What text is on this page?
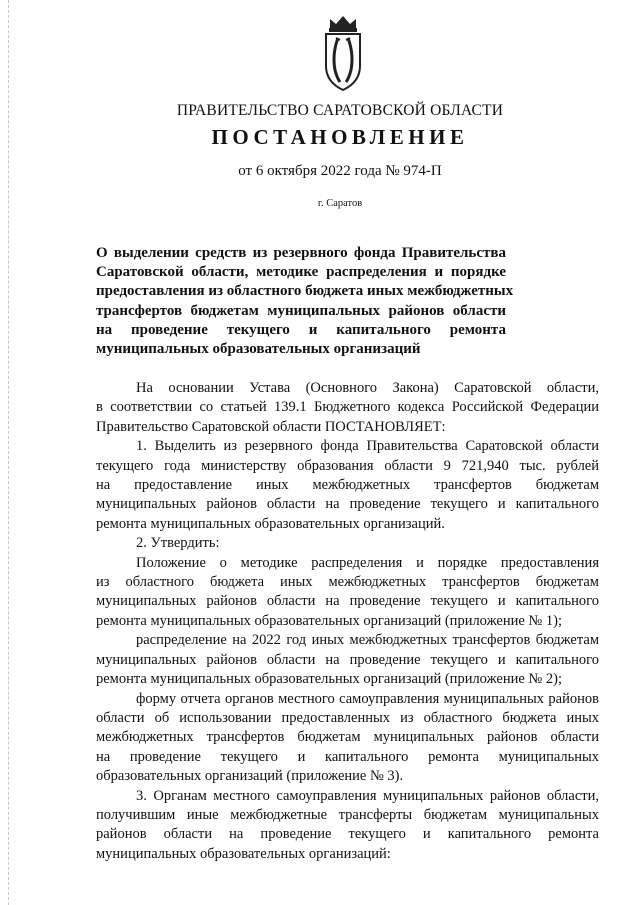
ПРАВИТЕЛЬСТВО САРАТОВСКОЙ ОБЛАСТИ
ПОСТАНОВЛЕНИЕ
от 6 октября 2022 года № 974-П
г. Саратов
О выделении средств из резервного фонда Правительства
Саратовской области, методике распределения и порядке
предоставления из областного бюджета иных межбюджетных
трансфертов бюджетам муниципальных районов области
на проведение текущего и капитального ремонта
муниципальных образовательных организаций
На основании Устава (Основного Закона) Саратовской области,
в соответствии со статьей 139.1 Бюджетного кодекса Российской Федерации
Правительство Саратовской области ПОСТАНОВЛЯЕТ:
1. Выделить из резервного фонда Правительства Саратовской области
текущего года министерству образования области 9 721,940 тыс. рублей
на предоставление иных межбюджетных трансфертов бюджетам
муниципальных районов области на проведение текущего и капитального
ремонта муниципальных образовательных организаций.
2. Утвердить:
Положение о методике распределения и порядке предоставления
из областного бюджета иных межбюджетных трансфертов бюджетам
муниципальных районов области на проведение текущего и капитального
ремонта муниципальных образовательных организаций (приложение № 1);
распределение на 2022 год иных межбюджетных трансфертов бюджетам
муниципальных районов области на проведение текущего и капитального
ремонта муниципальных образовательных организаций (приложение № 2);
форму отчета органов местного самоуправления муниципальных районов
области об использовании предоставленных из областного бюджета иных
межбюджетных трансфертов бюджетам муниципальных районов области
на проведение текущего и капитального ремонта муниципальных
образовательных организаций (приложение № 3).
3. Органам местного самоуправления муниципальных районов области,
получившим иные межбюджетные трансферты бюджетам муниципальных
районов области на проведение текущего и капитального ремонта
муниципальных образовательных организаций:
